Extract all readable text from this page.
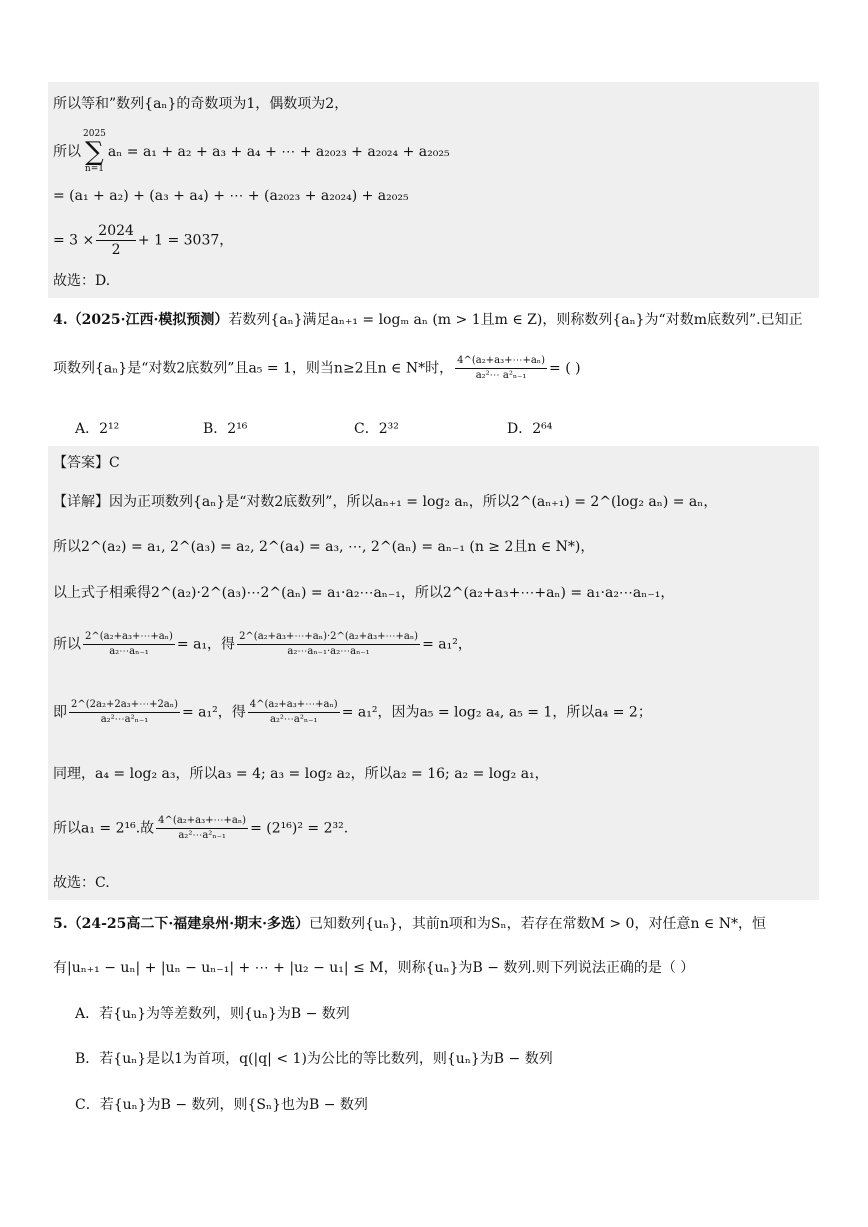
所以等和”数列{aₙ}的奇数项为1，偶数项为2，
所以
2025
∑
n=1
aₙ = a₁ + a₂ + a₃ + a₄ + ⋯ + a₂₀₂₃ + a₂₀₂₄ + a₂₀₂₅
= (a₁ + a₂) + (a₃ + a₄) + ⋯ + (a₂₀₂₃ + a₂₀₂₄) + a₂₀₂₅
= $3 \times \frac{2024}{2} + 1 = 3037$，
故选：D.
4.（2025·江西·模拟预测）若数列{aₙ}满足aₙ₊₁ = logₘ aₙ (m > 1且m ∈ Z)，则称数列{aₙ}为“对数m底数列”.已知正
项数列{aₙ}是“对数2底数列”且a₅ = 1，则当n≥2且n ∈ N*时， $\frac{\text{4\textasciicircum{}(a₂+a₃+⋯+aₙ)}}{\text{a₂²⋯ a²ₙ₋₁}}$ = ( )
A．2¹²	B．2¹⁶	C．2³²	D．2⁶⁴
【答案】C
【详解】因为正项数列{aₙ}是“对数2底数列”，所以aₙ₊₁ = log₂ aₙ，所以2^(aₙ₊₁) = 2^(log₂ aₙ) = aₙ，
所以2^(a₂) = a₁, 2^(a₃) = a₂, 2^(a₄) = a₃, ⋯, 2^(aₙ) = aₙ₋₁ (n ≥ 2且n ∈ N*)，
以上式子相乘得2^(a₂)·2^(a₃)⋯2^(aₙ) = a₁·a₂⋯aₙ₋₁，所以2^(a₂+a₃+⋯+aₙ) = a₁·a₂⋯aₙ₋₁，
所以 $\frac{\text{2\textasciicircum{}(a₂+a₃+⋯+aₙ)}}{\text{a₂⋯aₙ₋₁}} = a_1$，得 $\frac{\text{2\textasciicircum{}(a₂+a₃+⋯+aₙ)·2\textasciicircum{}(a₂+a₃+⋯+aₙ)}}{\text{a₂⋯aₙ₋₁·a₂⋯aₙ₋₁}} = a_1^2$，
即 $\frac{\text{2\textasciicircum{}(2a₂+2a₃+⋯+2aₙ)}}{\text{a₂²⋯a²ₙ₋₁}} = a_1^2$，得 $\frac{\text{4\textasciicircum{}(a₂+a₃+⋯+aₙ)}}{\text{a₂²⋯a²ₙ₋₁}} = a_1^2$，因为a₅ = log₂ a₄, a₅ = 1，所以a₄ = 2；
同理，a₄ = log₂ a₃，所以a₃ = 4; a₃ = log₂ a₂，所以a₂ = 16; a₂ = log₂ a₁，
所以a₁ = 2¹⁶.故 $\frac{\text{4\textasciicircum{}(a₂+a₃+⋯+aₙ)}}{\text{a₂²⋯a²ₙ₋₁}} = (2^{16})^2 = 2^{32}$.
故选：C.
5.（24-25高二下·福建泉州·期末·多选）已知数列{uₙ}，其前n项和为Sₙ，若存在常数M > 0，对任意n ∈ N*，恒
有|uₙ₊₁ − uₙ| + |uₙ − uₙ₋₁| + ⋯ + |u₂ − u₁| ≤ M，则称{uₙ}为B − 数列.则下列说法正确的是（ ）
A．若{uₙ}为等差数列，则{uₙ}为B − 数列
B．若{uₙ}是以1为首项，q(|q| < 1)为公比的等比数列，则{uₙ}为B − 数列
C．若{uₙ}为B − 数列，则{Sₙ}也为B − 数列
